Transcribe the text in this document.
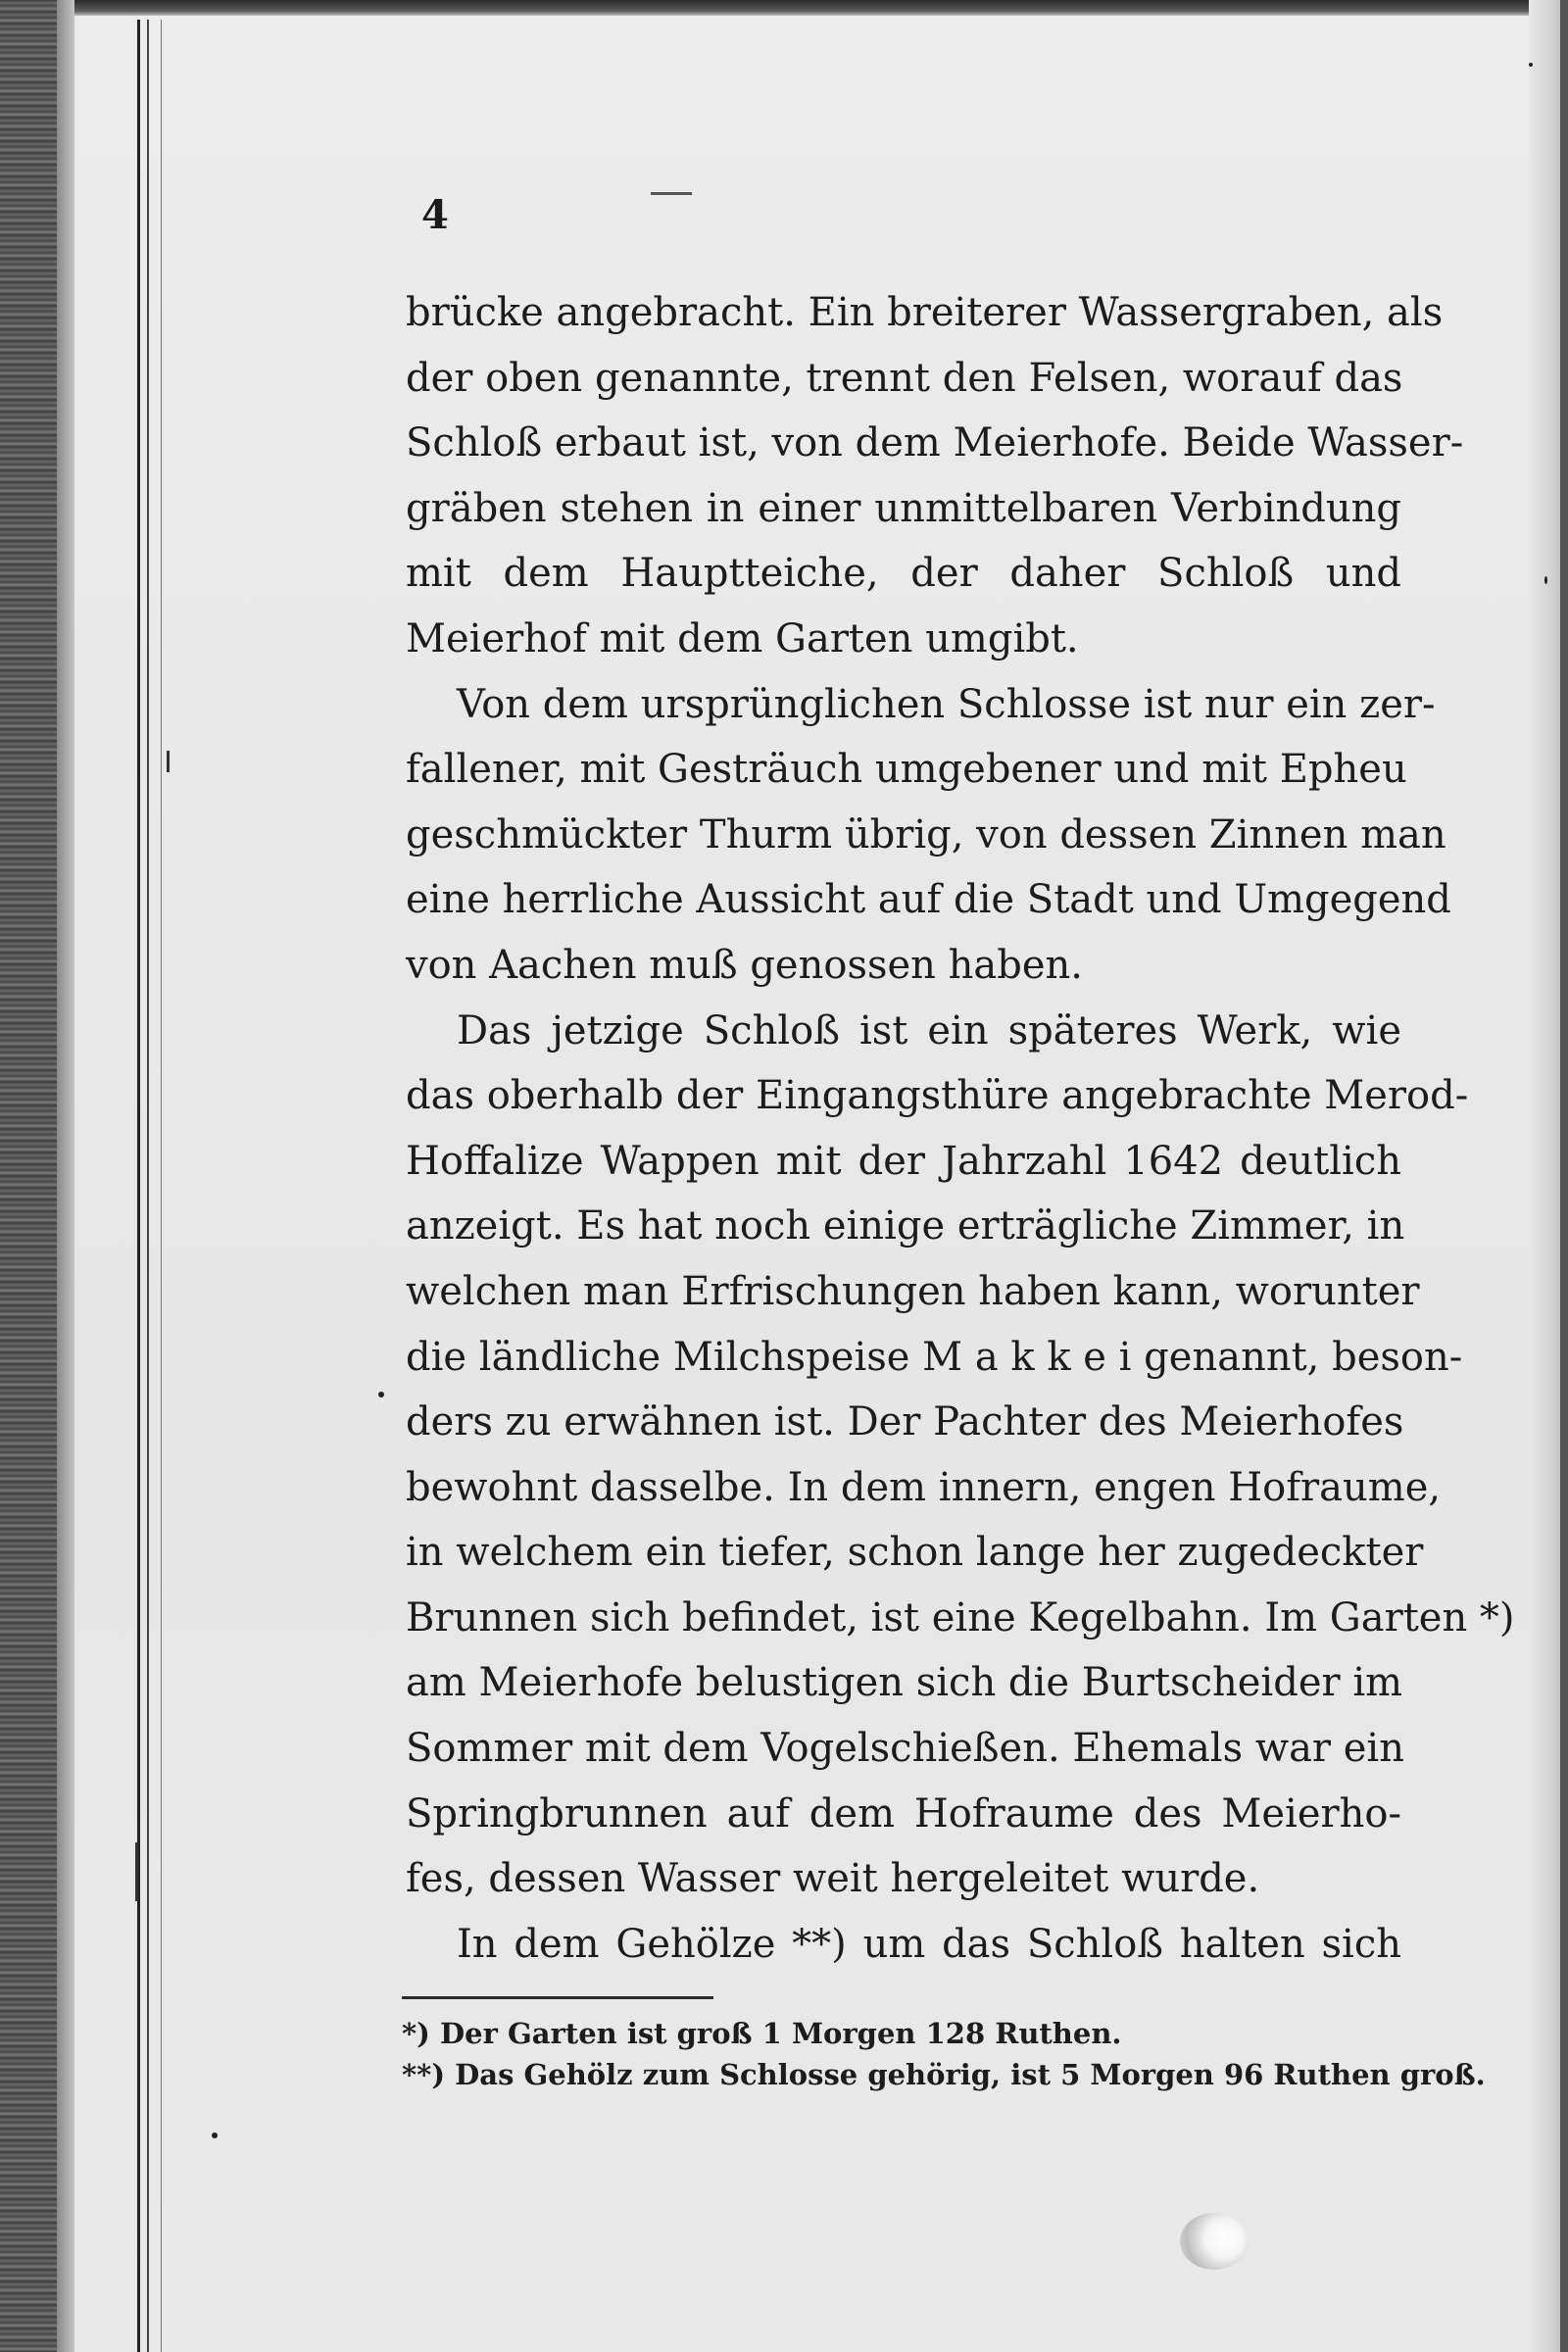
4

brücke angebracht. Ein breiterer Wassergraben, als
der oben genannte, trennt den Felsen, worauf das
Schloß erbaut ist, von dem Meierhofe. Beide Wasser-
gräben stehen in einer unmittelbaren Verbindung
mit dem Hauptteiche, der daher Schloß und
Meierhof mit dem Garten umgibt.

Von dem ursprünglichen Schlosse ist nur ein zer-
fallener, mit Gesträuch umgebener und mit Epheu
geschmückter Thurm übrig, von dessen Zinnen man
eine herrliche Aussicht auf die Stadt und Umgegend
von Aachen muß genossen haben.

Das jetzige Schloß ist ein späteres Werk, wie
das oberhalb der Eingangsthüre angebrachte Merod-
Hoffalize Wappen mit der Jahrzahl 1642 deutlich
anzeigt. Es hat noch einige erträgliche Zimmer, in
welchen man Erfrischungen haben kann, worunter
die ländliche Milchspeise M a k k e i genannt, beson-
ders zu erwähnen ist. Der Pachter des Meierhofes
bewohnt dasselbe. In dem innern, engen Hofraume,
in welchem ein tiefer, schon lange her zugedeckter
Brunnen sich befindet, ist eine Kegelbahn. Im Garten *)
am Meierhofe belustigen sich die Burtscheider im
Sommer mit dem Vogelschießen. Ehemals war ein
Springbrunnen auf dem Hofraume des Meierho-
fes, dessen Wasser weit hergeleitet wurde.

In dem Gehölze **) um das Schloß halten sich

*) Der Garten ist groß 1 Morgen 128 Ruthen.
**) Das Gehölz zum Schlosse gehörig, ist 5 Morgen 96 Ruthen groß.
